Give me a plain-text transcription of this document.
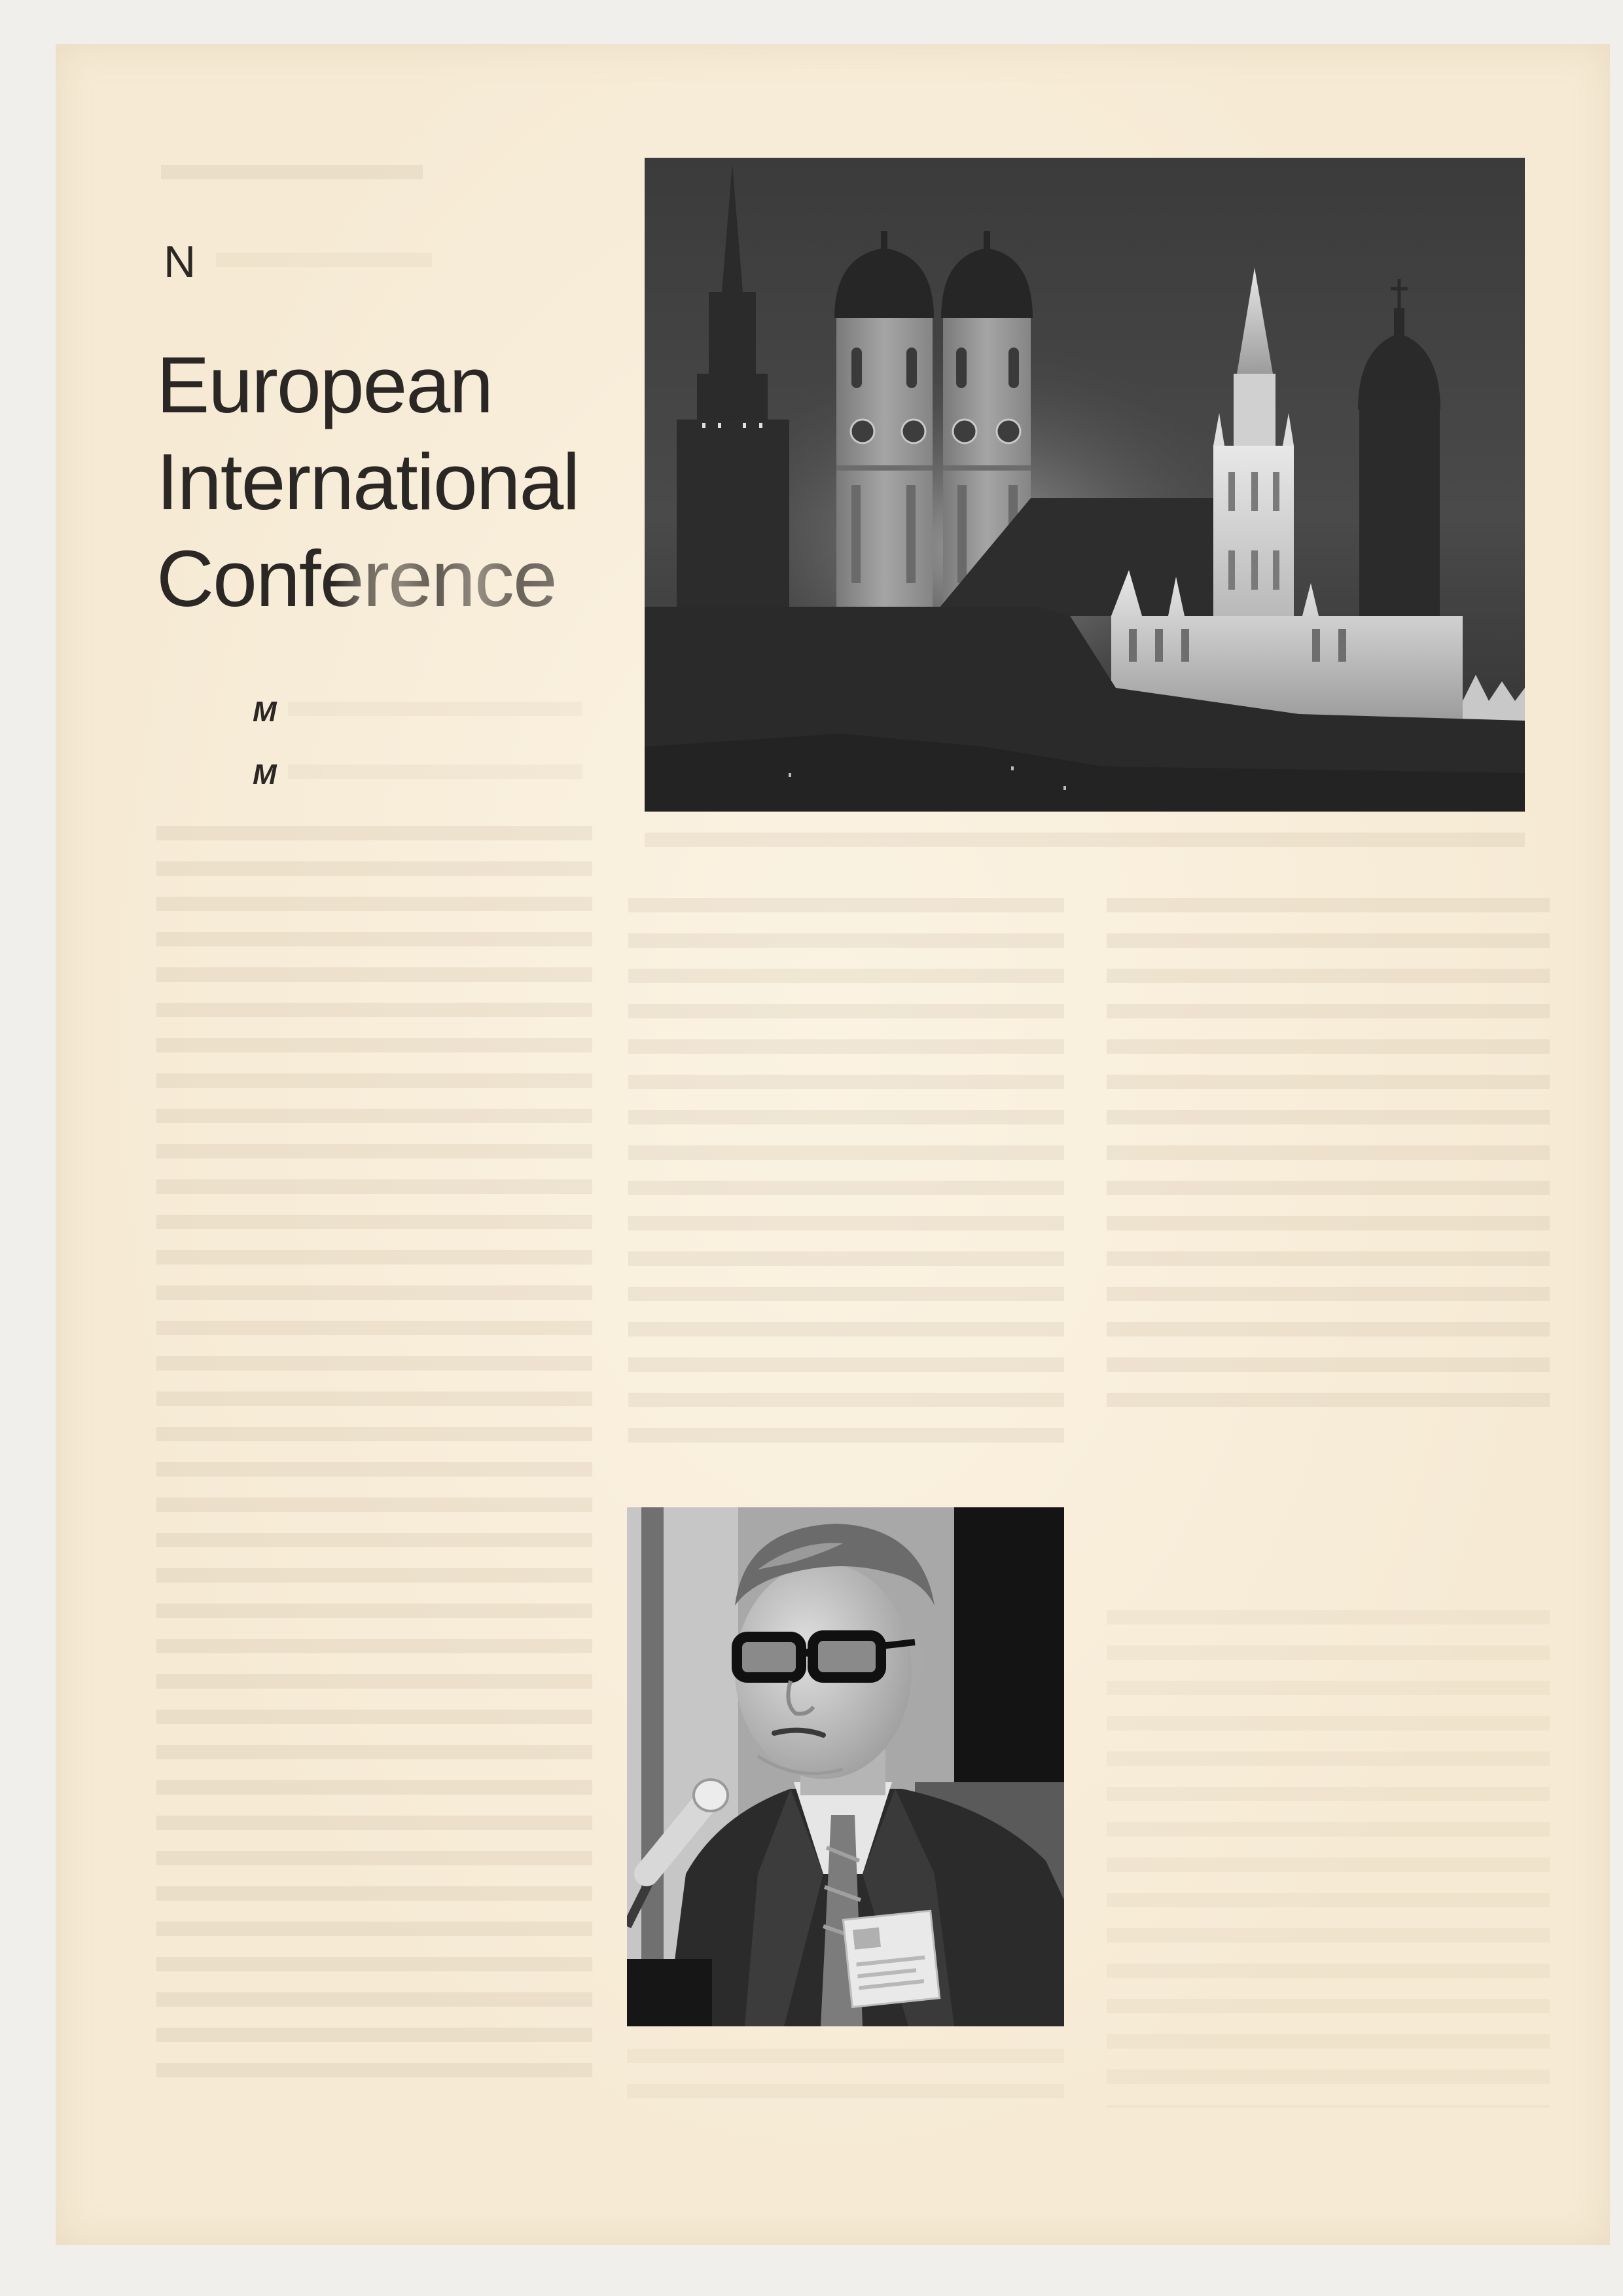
N
European
International
Conference
M
M
